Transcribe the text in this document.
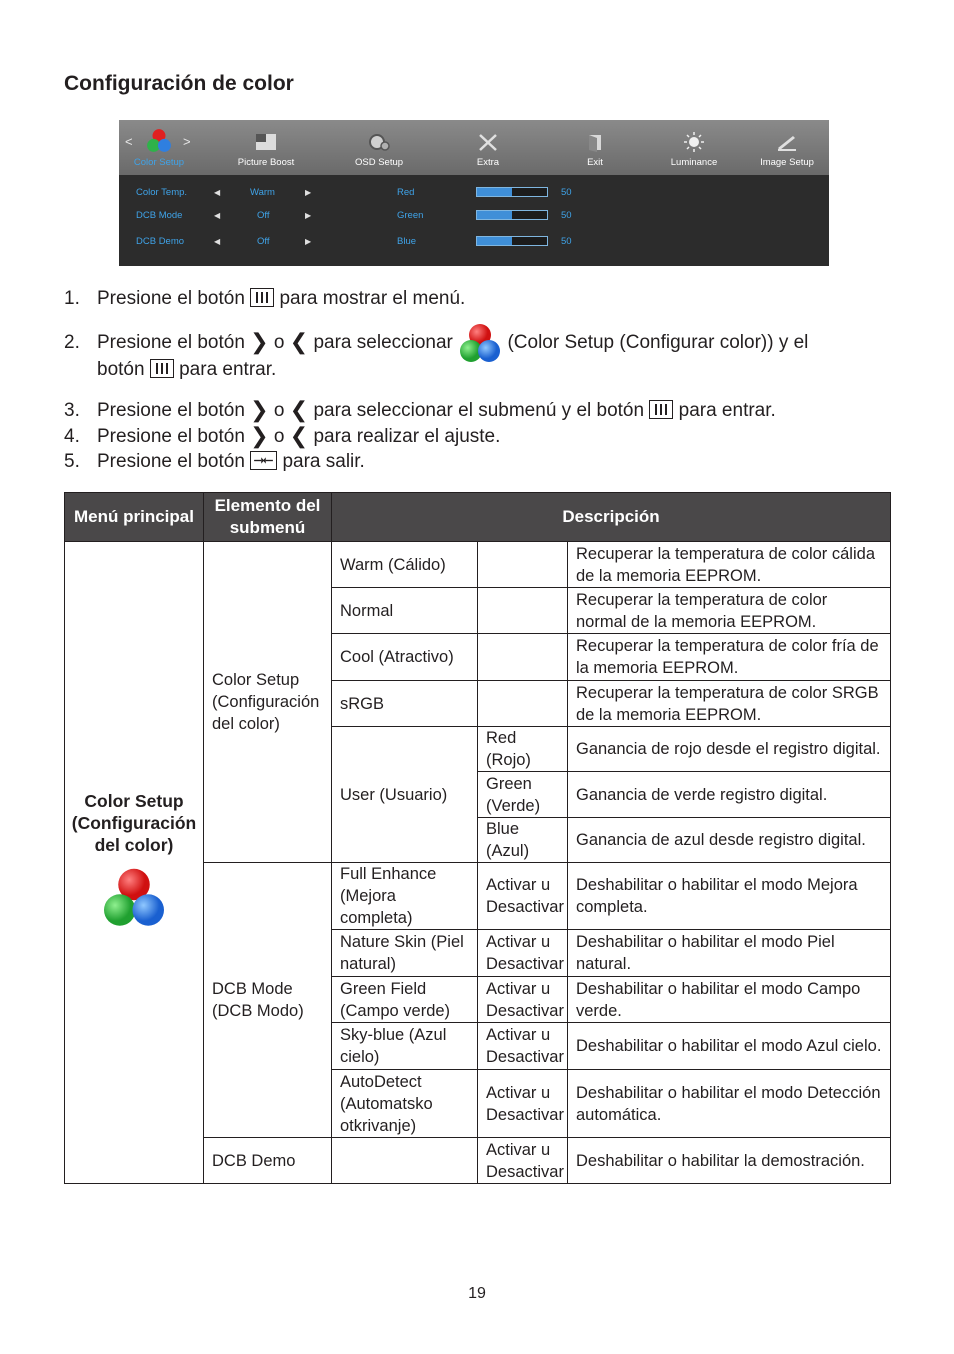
Configuración de color
<	>
Color Setup	Picture Boost	OSD Setup	Extra	Exit	Luminance	Image Setup
Color Temp.	◀	Warm	▶	Red	50
DCB Mode	◀	Off	▶	Green	50
DCB Demo	◀	Off	▶	Blue	50
1. Presione el botón para mostrar el menú.
2. Presione el botón ❯ o ❮ para seleccionar	(Color Setup (Configurar color)) y el
botón para entrar.
3. Presione el botón ❯ o ❮ para seleccionar el submenú y el botón para entrar.
4. Presione el botón ❯ o ❮ para realizar el ajuste.
5. Presione el botón para salir.
Menú principal	Elemento del submenú	Descripción		

Color Setup (Configuración del color)	Color Setup (Configuración del color)	Warm (Cálido)		Recuperar la temperatura de color cálida de la memoria EEPROM.
		Normal		Recuperar la temperatura de color normal de la memoria EEPROM.
		Cool (Atractivo)		Recuperar la temperatura de color fría de la memoria EEPROM.
		sRGB		Recuperar la temperatura de color SRGB de la memoria EEPROM.
		User (Usuario)	Red (Rojo)	Ganancia de rojo desde el registro digital.
			Green (Verde)	Ganancia de verde registro digital.
			Blue (Azul)	Ganancia de azul desde registro digital.
	DCB Mode (DCB Modo)	Full Enhance (Mejora completa)	Activar u Desactivar	Deshabilitar o habilitar el modo Mejora completa.
		Nature Skin (Piel natural)	Activar u Desactivar	Deshabilitar o habilitar el modo Piel natural.
		Green Field (Campo verde)	Activar u Desactivar	Deshabilitar o habilitar el modo Campo verde.
		Sky-blue (Azul cielo)	Activar u Desactivar	Deshabilitar o habilitar el modo Azul cielo.
		AutoDetect (Automatsko otkrivanje)	Activar u Desactivar	Deshabilitar o habilitar el modo Detección automática.
	DCB Demo		Activar u Desactivar	Deshabilitar o habilitar la demostración.
19
